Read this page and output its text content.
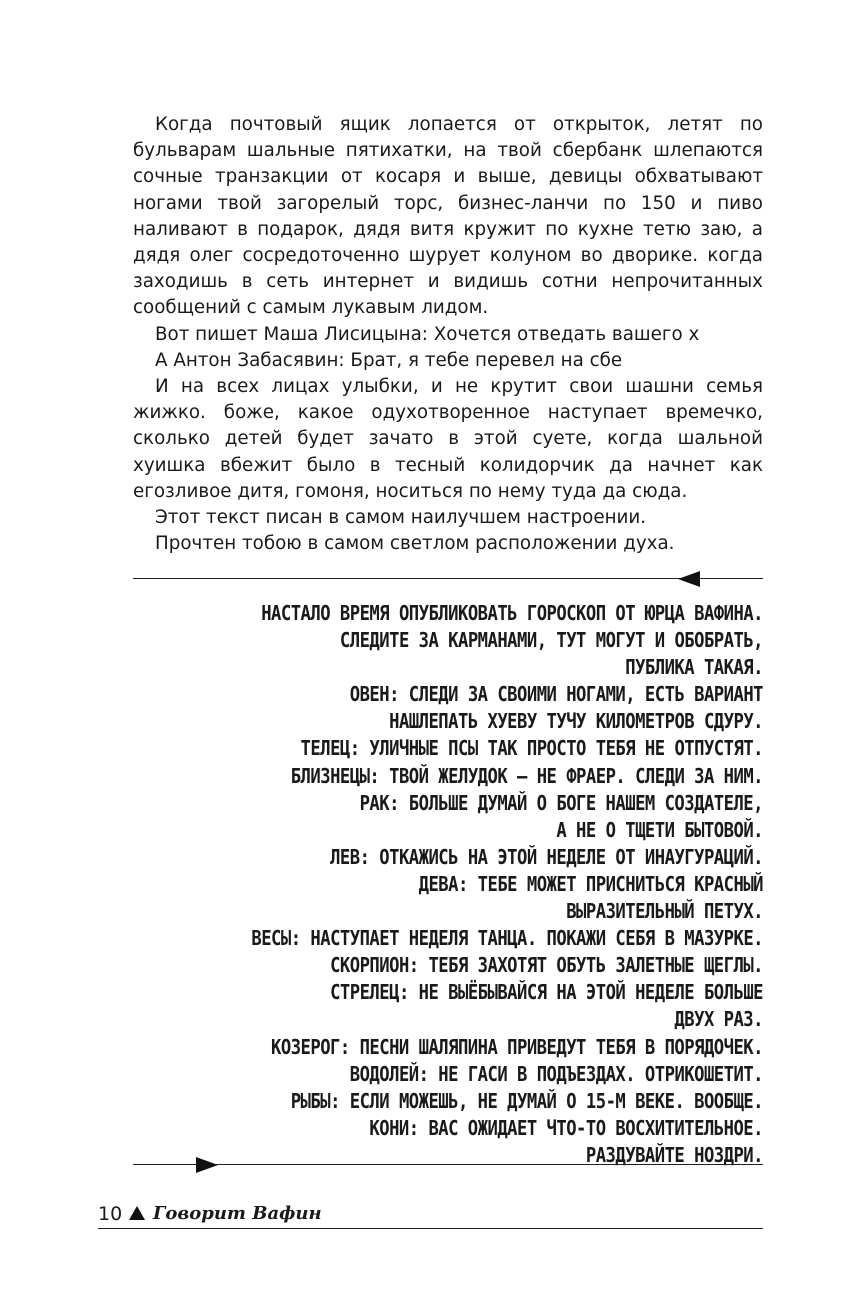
Когда почтовый ящик лопается от открыток, летят по бульварам шальные пятихатки, на твой сбербанк шлепаются сочные транзакции от косаря и выше, девицы обхватывают ногами твой загорелый торс, бизнес-ланчи по 150 и пиво наливают в подарок, дядя витя кружит по кухне тетю заю, а дядя олег сосредоточенно шурует колуном во дворике. когда заходишь в сеть интернет и видишь сотни непрочитанных сообщений с самым лукавым лидом.

Вот пишет Маша Лисицына: Хочется отведать вашего х

А Антон Забасявин: Брат, я тебе перевел на сбе

И на всех лицах улыбки, и не крутит свои шашни семья жижко. боже, какое одухотворенное наступает времечко, сколько детей будет зачато в этой суете, когда шальной хуишка вбежит было в тесный колидорчик да начнет как егозливое дитя, гомоня, носиться по нему туда да сюда.

Этот текст писан в самом наилучшем настроении.

Прочтен тобою в самом светлом расположении духа.

НАСТАЛО ВРЕМЯ ОПУБЛИКОВАТЬ ГОРОСКОП ОТ ЮРЦА ВАФИНА.
СЛЕДИТЕ ЗА КАРМАНАМИ, ТУТ МОГУТ И ОБОБРАТЬ,
ПУБЛИКА ТАКАЯ.
ОВЕН: СЛЕДИ ЗА СВОИМИ НОГАМИ, ЕСТЬ ВАРИАНТ
НАШЛЕПАТЬ ХУЕВУ ТУЧУ КИЛОМЕТРОВ СДУРУ.
ТЕЛЕЦ: УЛИЧНЫЕ ПСЫ ТАК ПРОСТО ТЕБЯ НЕ ОТПУСТЯТ.
БЛИЗНЕЦЫ: ТВОЙ ЖЕЛУДОК — НЕ ФРАЕР. СЛЕДИ ЗА НИМ.
РАК: БОЛЬШЕ ДУМАЙ О БОГЕ НАШЕМ СОЗДАТЕЛЕ,
А НЕ О ТЩЕТИ БЫТОВОЙ.
ЛЕВ: ОТКАЖИСЬ НА ЭТОЙ НЕДЕЛЕ ОТ ИНАУГУРАЦИЙ.
ДЕВА: ТЕБЕ МОЖЕТ ПРИСНИТЬСЯ КРАСНЫЙ
ВЫРАЗИТЕЛЬНЫЙ ПЕТУХ.
ВЕСЫ: НАСТУПАЕТ НЕДЕЛЯ ТАНЦА. ПОКАЖИ СЕБЯ В МАЗУРКЕ.
СКОРПИОН: ТЕБЯ ЗАХОТЯТ ОБУТЬ ЗАЛЕТНЫЕ ЩЕГЛЫ.
СТРЕЛЕЦ: НЕ ВЫЁБЫВАЙСЯ НА ЭТОЙ НЕДЕЛЕ БОЛЬШЕ
ДВУХ РАЗ.
КОЗЕРОГ: ПЕСНИ ШАЛЯПИНА ПРИВЕДУТ ТЕБЯ В ПОРЯДОЧЕК.
ВОДОЛЕЙ: НЕ ГАСИ В ПОДЪЕЗДАХ. ОТРИКОШЕТИТ.
РЫБЫ: ЕСЛИ МОЖЕШЬ, НЕ ДУМАЙ О 15-М ВЕКЕ. ВООБЩЕ.
КОНИ: ВАС ОЖИДАЕТ ЧТО-ТО ВОСХИТИТЕЛЬНОЕ.
РАЗДУВАЙТЕ НОЗДРИ.
10 Говорит Вафин
